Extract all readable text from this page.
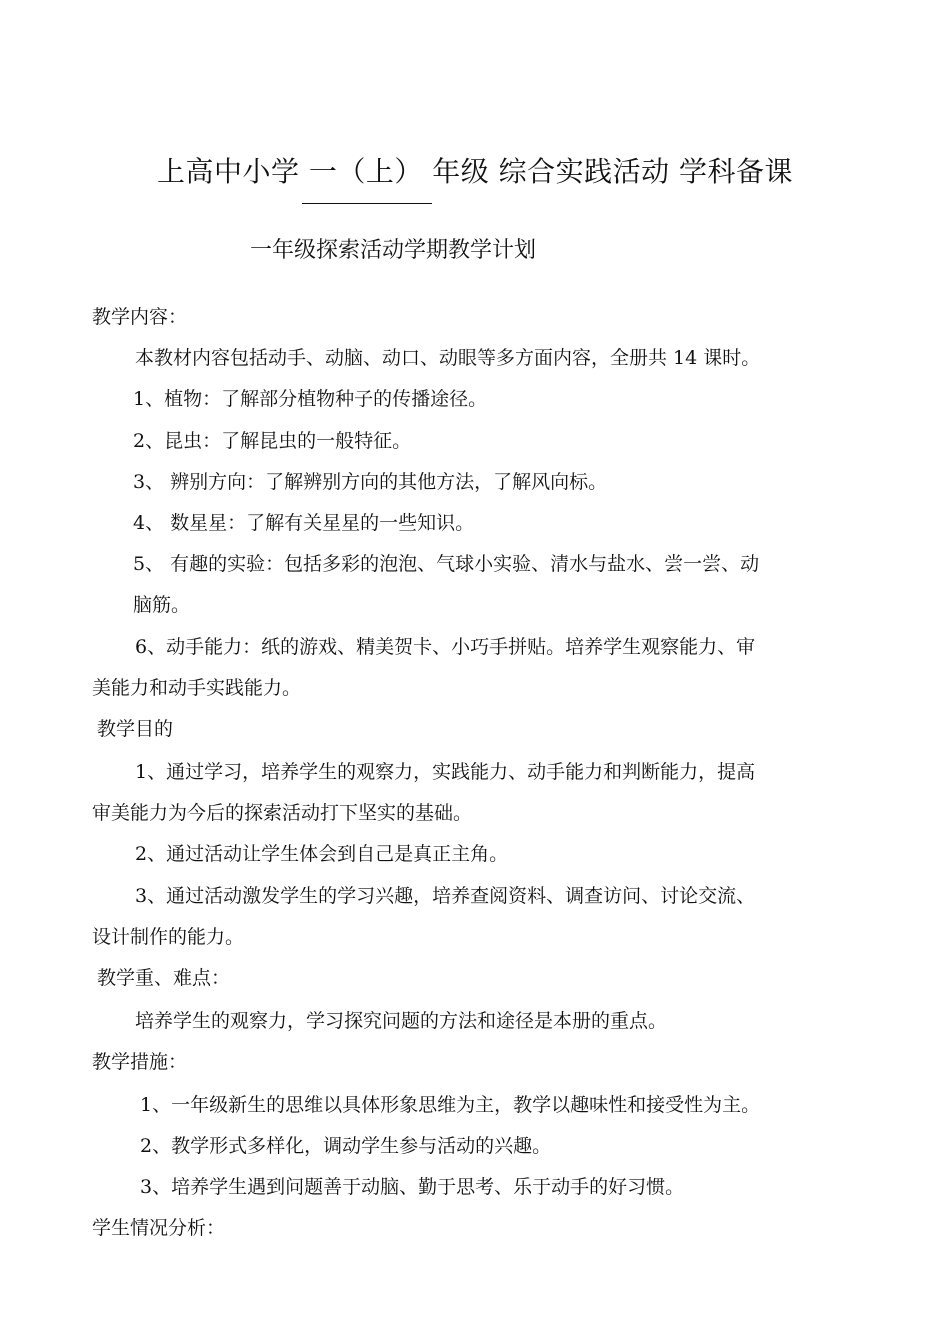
上高中小学 一（上） 年级 综合实践活动 学科备课
一年级探索活动学期教学计划
教学内容：
本教材内容包括动手、动脑、动口、动眼等多方面内容，全册共 14 课时。
1、植物：了解部分植物种子的传播途径。
2、昆虫：了解昆虫的一般特征。
3、 辨别方向：了解辨别方向的其他方法，了解风向标。
4、 数星星：了解有关星星的一些知识。
5、 有趣的实验：包括多彩的泡泡、气球小实验、清水与盐水、尝一尝、动
脑筋。
6、动手能力：纸的游戏、精美贺卡、小巧手拼贴。培养学生观察能力、审
美能力和动手实践能力。
教学目的
1、通过学习，培养学生的观察力，实践能力、动手能力和判断能力，提高
审美能力为今后的探索活动打下坚实的基础。
2、通过活动让学生体会到自己是真正主角。
3、通过活动激发学生的学习兴趣，培养查阅资料、调查访问、讨论交流、
设计制作的能力。
教学重、难点：
培养学生的观察力，学习探究问题的方法和途径是本册的重点。
教学措施：
1、一年级新生的思维以具体形象思维为主，教学以趣味性和接受性为主。
2、教学形式多样化，调动学生参与活动的兴趣。
3、培养学生遇到问题善于动脑、勤于思考、乐于动手的好习惯。
学生情况分析：
